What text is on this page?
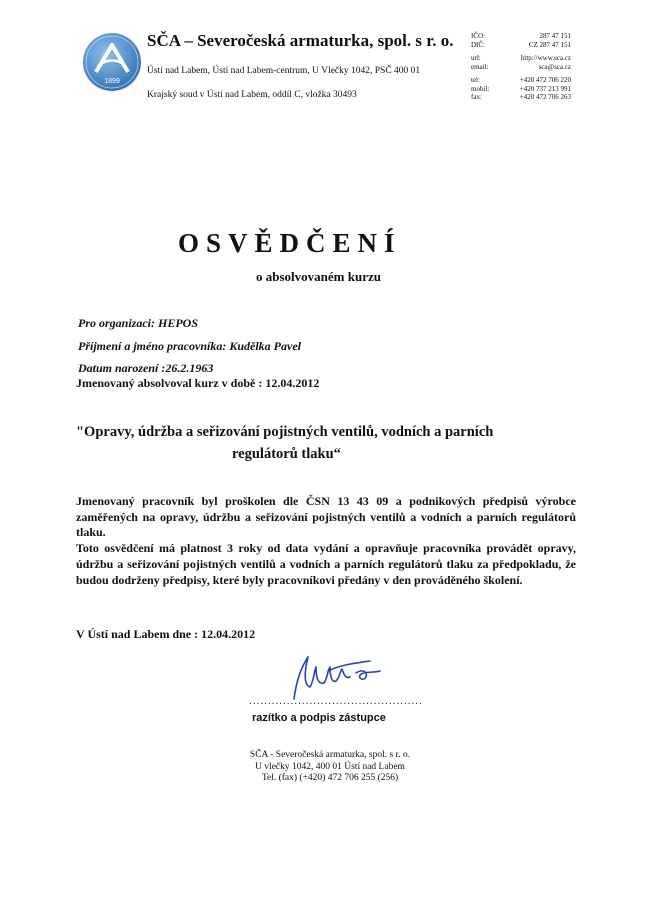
1899
SČA – Severočeská armaturka, spol. s r. o.
Ústí nad Labem, Ústí nad Labem-centrum, U Vlečky 1042, PSČ 400 01
Krajský soud v Ústí nad Labem, oddíl C, vložka 30493
IČO:	287 47 151
DIČ:	CZ 287 47 151
url:	http://www.sca.cz
email:	sca@sca.cz
tel:	+420 472 706 220
mobil:	+420 737 213 991
fax:	+420 472 706 263
OSVĚDČENÍ
o absolvovaném kurzu
Pro organizaci: HEPOS
Příjmení a jméno pracovníka: Kudělka Pavel
Datum narození :26.2.1963
Jmenovaný absolvoval kurz v době : 12.04.2012
"Opravy, údržba a seřizování pojistných ventilů, vodních a parních
regulátorů tlaku“

Jmenovaný pracovník byl proškolen dle ČSN 13 43 09 a podnikových předpisů výrobce zaměřených na opravy, údržbu a seřizování pojistných ventilů a vodních a parních regulátorů tlaku.

Toto osvědčení má platnost 3 roky od data vydání a opravňuje pracovníka provádět opravy, údržbu a seřizování pojistných ventilů a vodních a parních regulátorů tlaku za předpokladu, že budou dodrženy předpisy, které byly pracovníkovi předány v den prováděného školení.

V Ústí nad Labem dne : 12.04.2012
..............................................
razítko a podpis zástupce
SČA - Severočeská armaturka, spol. s r. o.
U vlečky 1042, 400 01 Ústí nad Labem
Tel. (fax) (+420) 472 706 255 (256)
